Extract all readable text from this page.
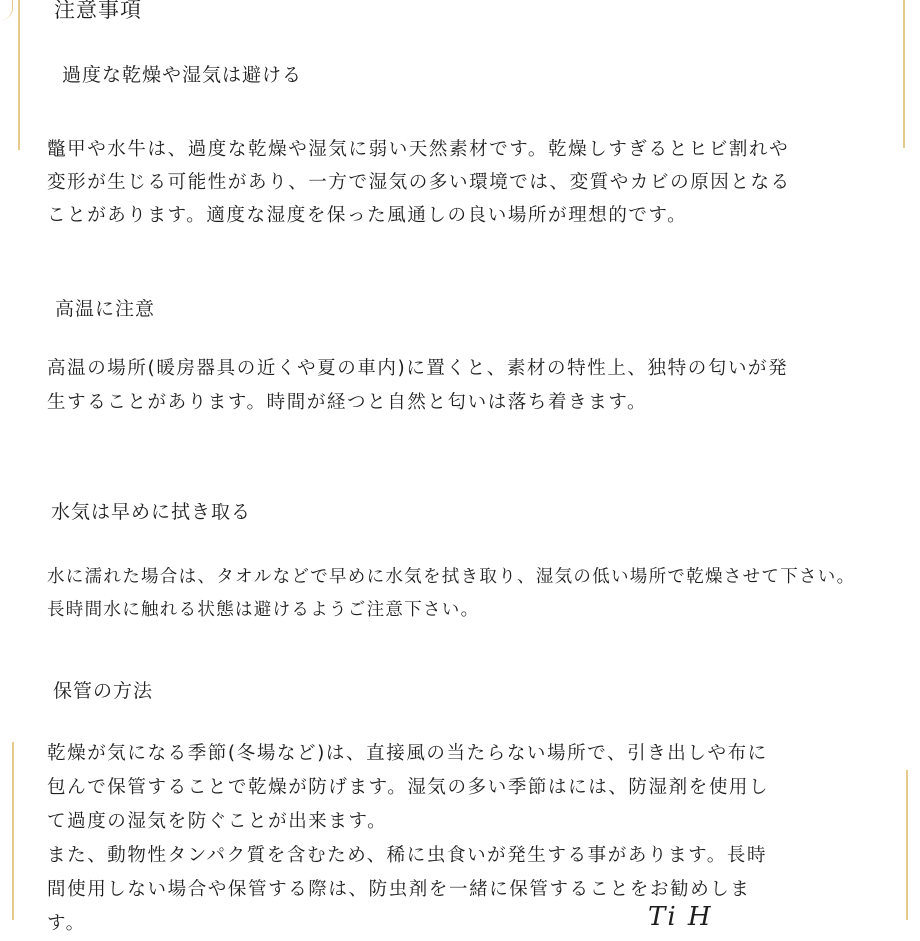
注意事項
過度な乾燥や湿気は避ける
鼈甲や水牛は、過度な乾燥や湿気に弱い天然素材です。乾燥しすぎるとヒビ割れや
変形が生じる可能性があり、一方で湿気の多い環境では、変質やカビの原因となる
ことがあります。適度な湿度を保った風通しの良い場所が理想的です。
高温に注意
高温の場所(暖房器具の近くや夏の車内)に置くと、素材の特性上、独特の匂いが発
生することがあります。時間が経つと自然と匂いは落ち着きます。
水気は早めに拭き取る
水に濡れた場合は、タオルなどで早めに水気を拭き取り、湿気の低い場所で乾燥させて下さい。
長時間水に触れる状態は避けるようご注意下さい。
保管の方法
乾燥が気になる季節(冬場など)は、直接風の当たらない場所で、引き出しや布に
包んで保管することで乾燥が防げます。湿気の多い季節はには、防湿剤を使用し
て過度の湿気を防ぐことが出来ます。
また、動物性タンパク質を含むため、稀に虫食いが発生する事があります。長時
間使用しない場合や保管する際は、防虫剤を一緒に保管することをお勧めしま
す。	Ti H
